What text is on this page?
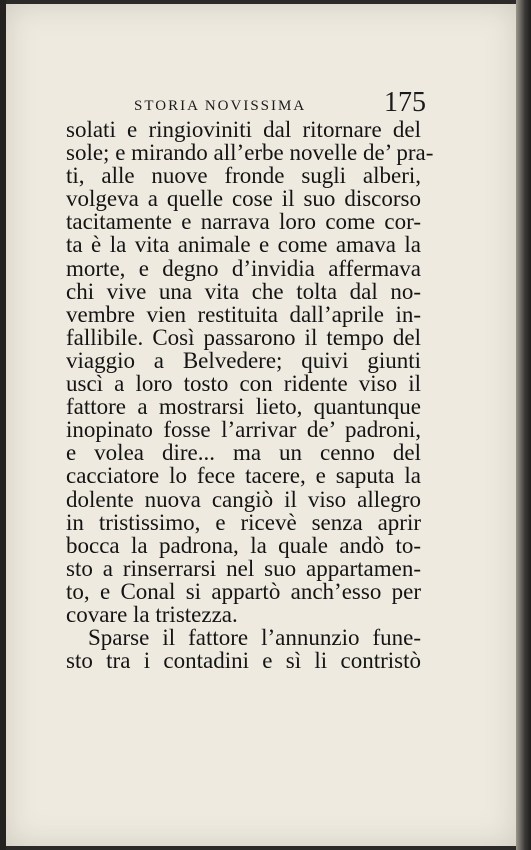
STORIA NOVISSIMA	175
solati e ringioviniti dal ritornare del
sole; e mirando all’erbe novelle de’ pra-
ti, alle nuove fronde sugli alberi,
volgeva a quelle cose il suo discorso
tacitamente e narrava loro come cor-
ta è la vita animale e come amava la
morte, e degno d’invidia affermava
chi vive una vita che tolta dal no-
vembre vien restituita dall’aprile in-
fallibile. Così passarono il tempo del
viaggio a Belvedere; quivi giunti
uscì a loro tosto con ridente viso il
fattore a mostrarsi lieto, quantunque
inopinato fosse l’arrivar de’ padroni,
e volea dire... ma un cenno del
cacciatore lo fece tacere, e saputa la
dolente nuova cangiò il viso allegro
in tristissimo, e ricevè senza aprir
bocca la padrona, la quale andò to-
sto a rinserrarsi nel suo appartamen-
to, e Conal si appartò anch’esso per
covare la tristezza.
Sparse il fattore l’annunzio fune-
sto tra i contadini e sì li contristò
